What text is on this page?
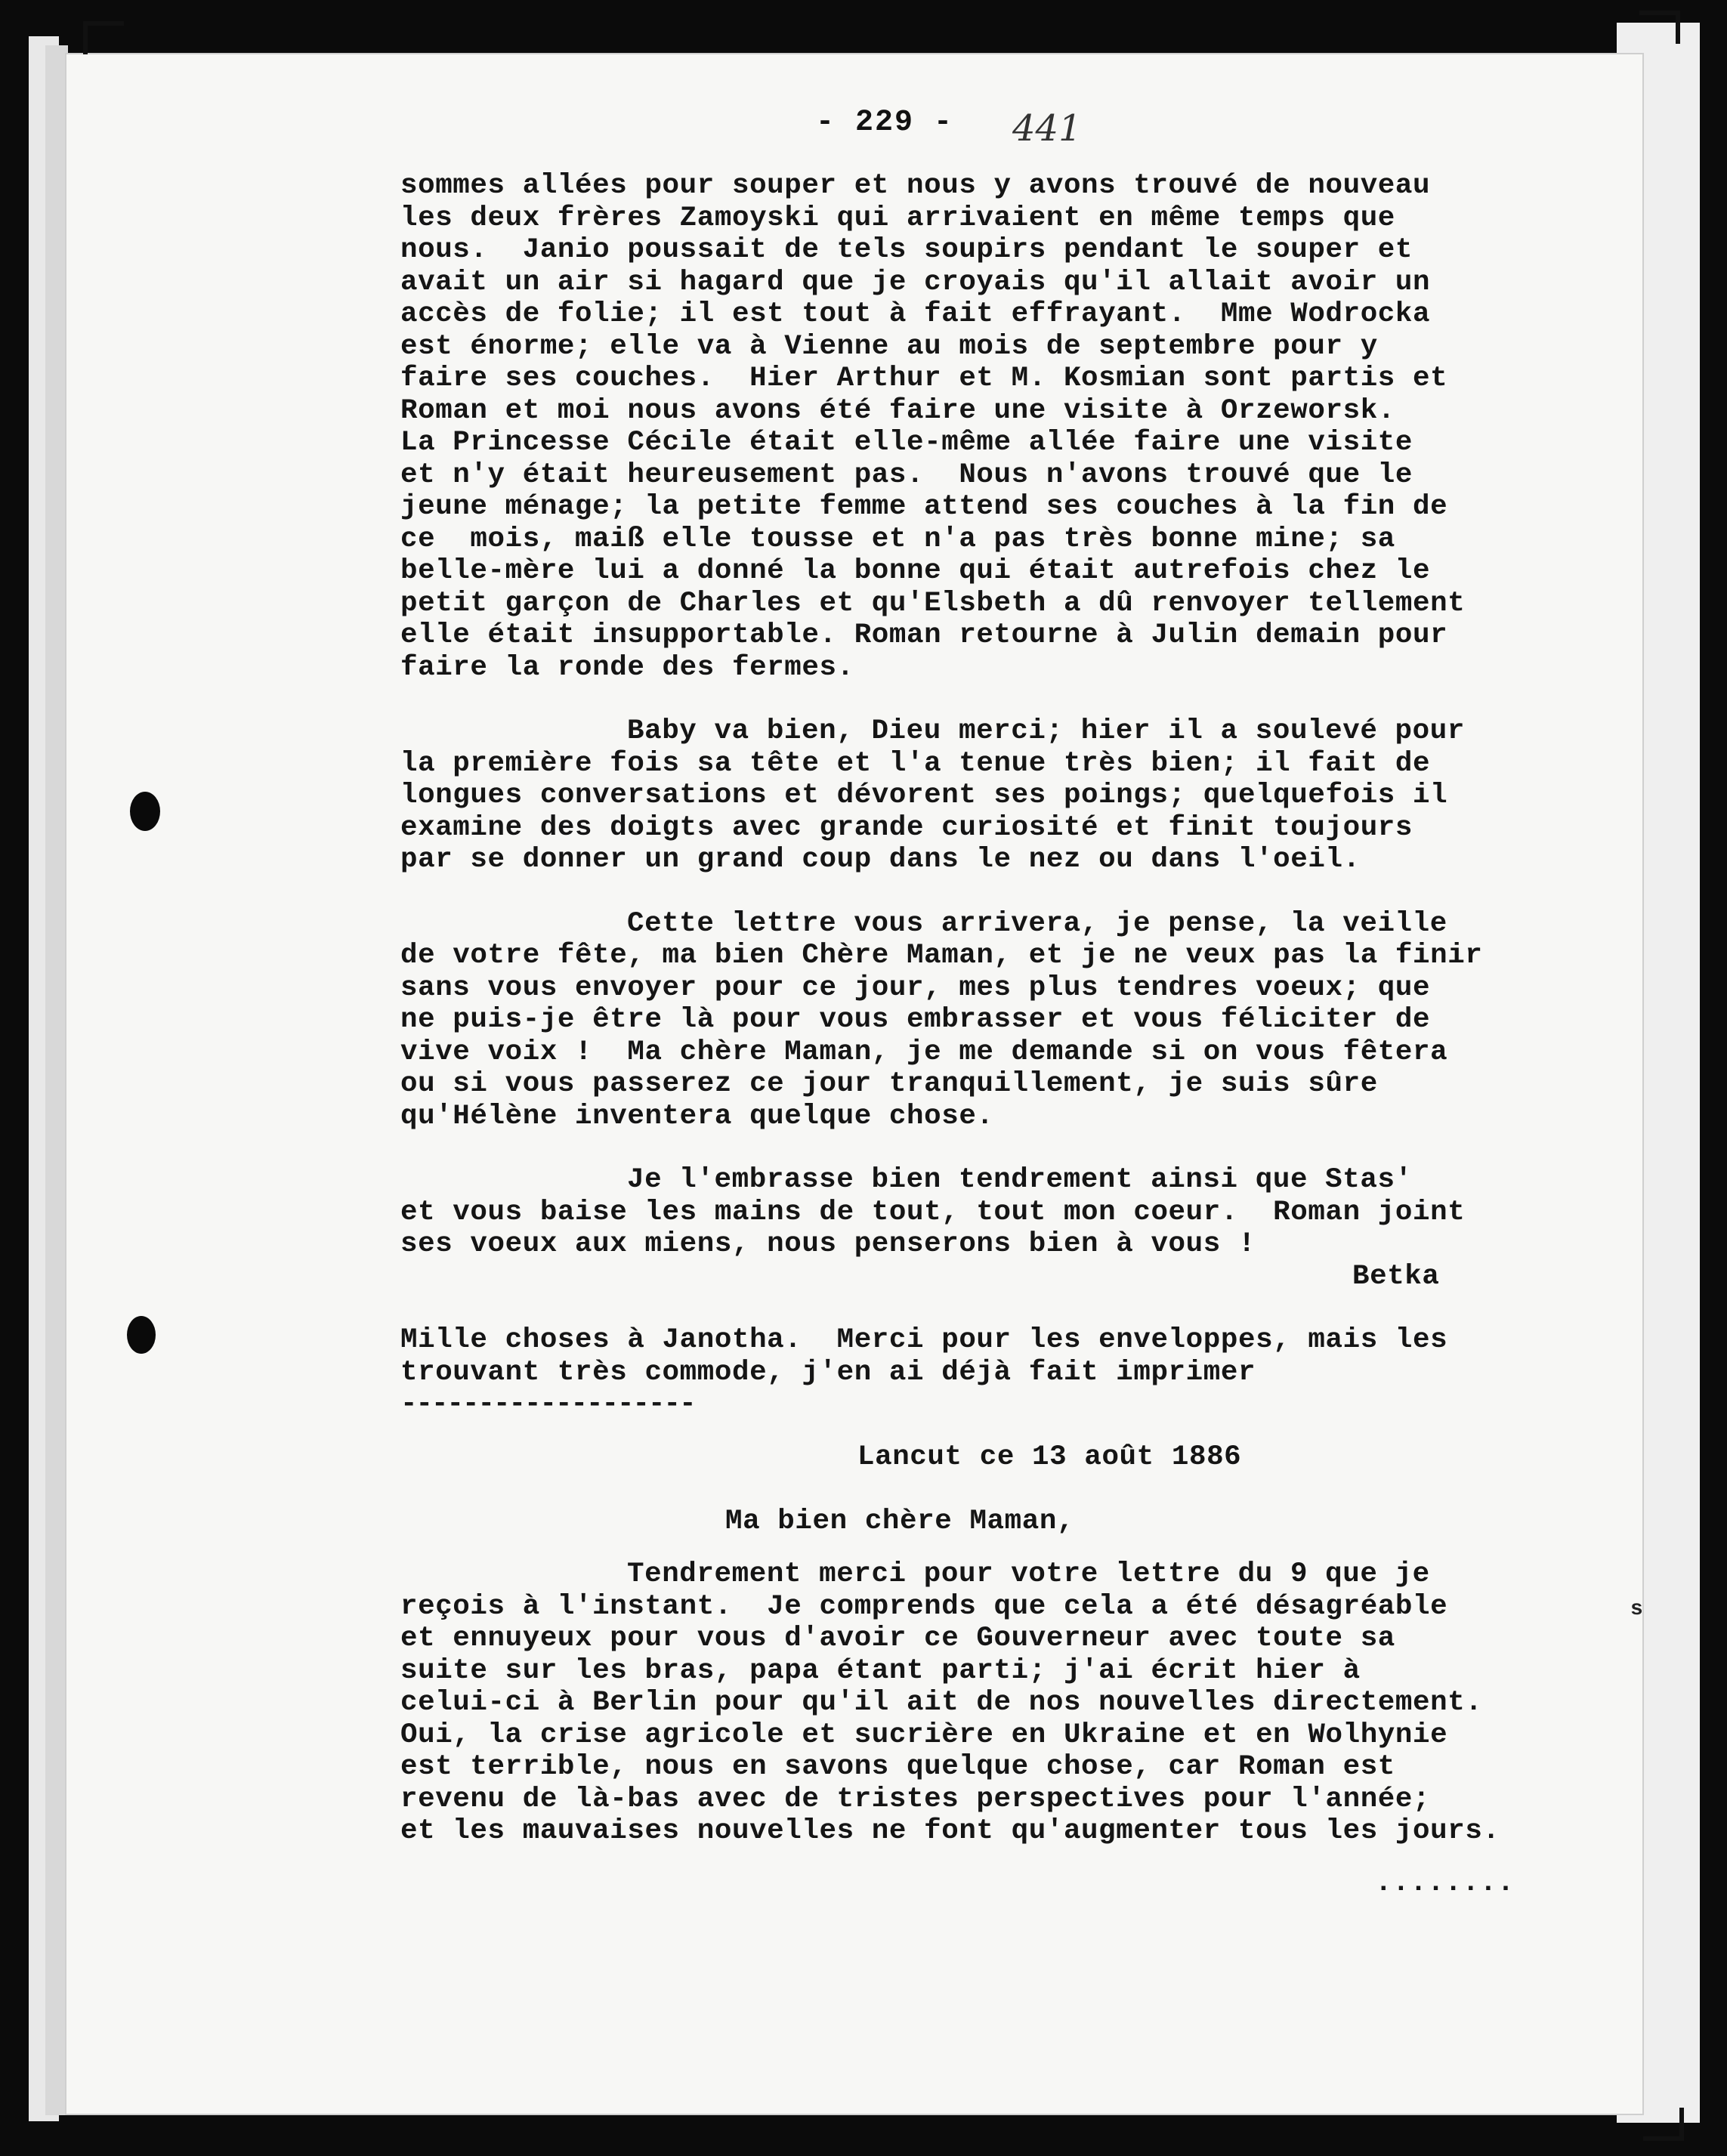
- 229 - 441
sommes allées pour souper et nous y avons trouvé de nouveau
les deux frères Zamoyski qui arrivaient en même temps que
nous.  Janio poussait de tels soupirs pendant le souper et
avait un air si hagard que je croyais qu'il allait avoir un
accès de folie; il est tout à fait effrayant.  Mme Wodrocka
est énorme; elle va à Vienne au mois de septembre pour y
faire ses couches.  Hier Arthur et M. Kosmian sont partis et
Roman et moi nous avons été faire une visite à Orzeworsk.
La Princesse Cécile était elle-même allée faire une visite
et n'y était heureusement pas.  Nous n'avons trouvé que le
jeune ménage; la petite femme attend ses couches à la fin de
ce  mois, maiß elle tousse et n'a pas très bonne mine; sa
belle-mère lui a donné la bonne qui était autrefois chez le
petit garçon de Charles et qu'Elsbeth a dû renvoyer tellement
elle était insupportable. Roman retourne à Julin demain pour
faire la ronde des fermes.
Baby va bien, Dieu merci; hier il a soulevé pour
la première fois sa tête et l'a tenue très bien; il fait de
longues conversations et dévorent ses poings; quelquefois il
examine des doigts avec grande curiosité et finit toujours
par se donner un grand coup dans le nez ou dans l'oeil.
Cette lettre vous arrivera, je pense, la veille
de votre fête, ma bien Chère Maman, et je ne veux pas la finir
sans vous envoyer pour ce jour, mes plus tendres voeux; que
ne puis-je être là pour vous embrasser et vous féliciter de
vive voix !  Ma chère Maman, je me demande si on vous fêtera
ou si vous passerez ce jour tranquillement, je suis sûre
qu'Hélène inventera quelque chose.
Je l'embrasse bien tendrement ainsi que Stas'
et vous baise les mains de tout, tout mon coeur.  Roman joint
ses voeux aux miens, nous penserons bien à vous !
Betka
Mille choses à Janotha.  Merci pour les enveloppes, mais les
trouvant très commode, j'en ai déjà fait imprimer
-------------------
Lancut ce 13 août 1886
Ma bien chère Maman,
Tendrement merci pour votre lettre du 9 que je
reçois à l'instant.  Je comprends que cela a été désagréable
et ennuyeux pour vous d'avoir ce Gouverneur avec toute sa
suite sur les bras, papa étant parti; j'ai écrit hier à
celui-ci à Berlin pour qu'il ait de nos nouvelles directement.
Oui, la crise agricole et sucrière en Ukraine et en Wolhynie
est terrible, nous en savons quelque chose, car Roman est
revenu de là-bas avec de tristes perspectives pour l'année;
et les mauvaises nouvelles ne font qu'augmenter tous les jours.
........
s
